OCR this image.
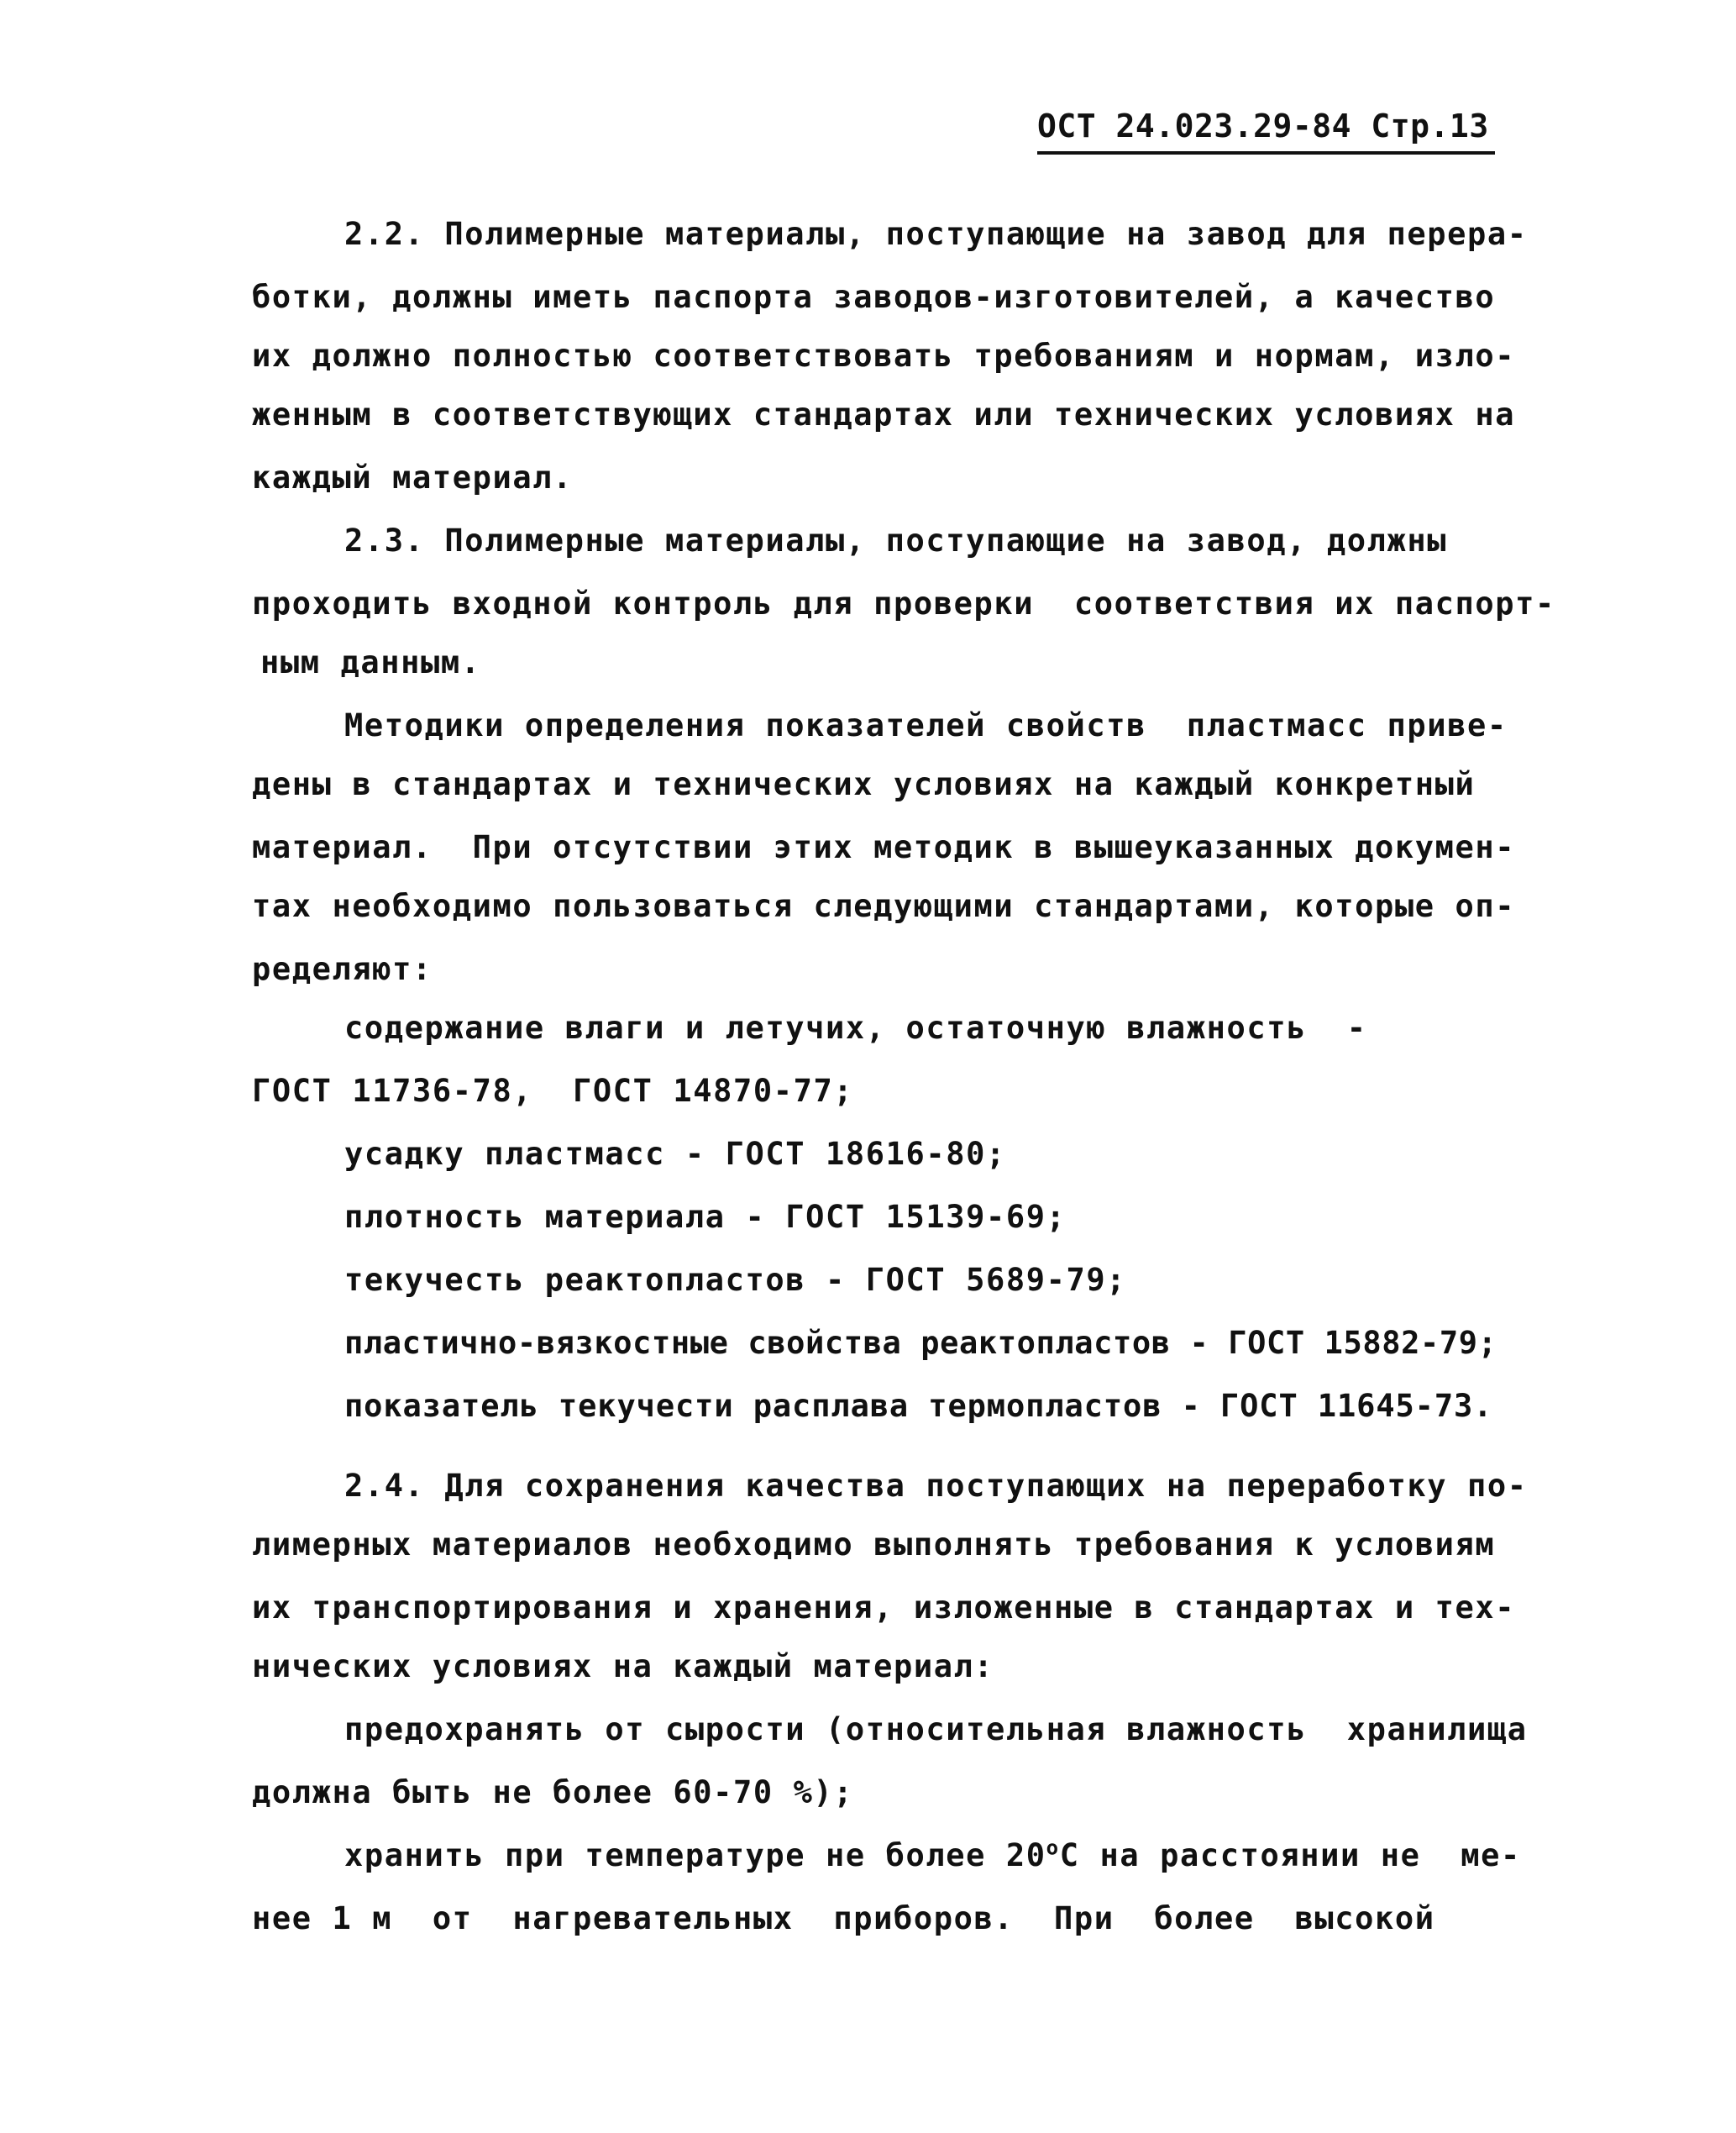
ОСТ 24.023.29-84 Стр.13
2.2. Полимерные материалы, поступающие на завод для перера-
ботки, должны иметь паспорта заводов-изготовителей, а качество
их должно полностью соответствовать требованиям и нормам, изло-
женным в соответствующих стандартах или технических условиях на
каждый материал.
2.3. Полимерные материалы, поступающие на завод, должны
проходить входной контроль для проверки  соответствия их паспорт-
ным данным.
Методики определения показателей свойств  пластмасс приве-
дены в стандартах и технических условиях на каждый конкретный
материал.  При отсутствии этих методик в вышеуказанных докумен-
тах необходимо пользоваться следующими стандартами, которые оп-
ределяют:
содержание влаги и летучих, остаточную влажность  -
ГОСТ 11736-78,  ГОСТ 14870-77;
усадку пластмасс - ГОСТ 18616-80;
плотность материала - ГОСТ 15139-69;
текучесть реактопластов - ГОСТ 5689-79;
пластично-вязкостные свойства реактопластов - ГОСТ 15882-79;
показатель текучести расплава термопластов - ГОСТ 11645-73.
2.4. Для сохранения качества поступающих на переработку по-
лимерных материалов необходимо выполнять требования к условиям
их транспортирования и хранения, изложенные в стандартах и тех-
нических условиях на каждый материал:
предохранять от сырости (относительная влажность  хранилища
должна быть не более 60-70 %);
хранить при температуре не более $20^оС$ на расстоянии не  ме-
нее 1 м  от  нагревательных  приборов.  При  более  высокой
